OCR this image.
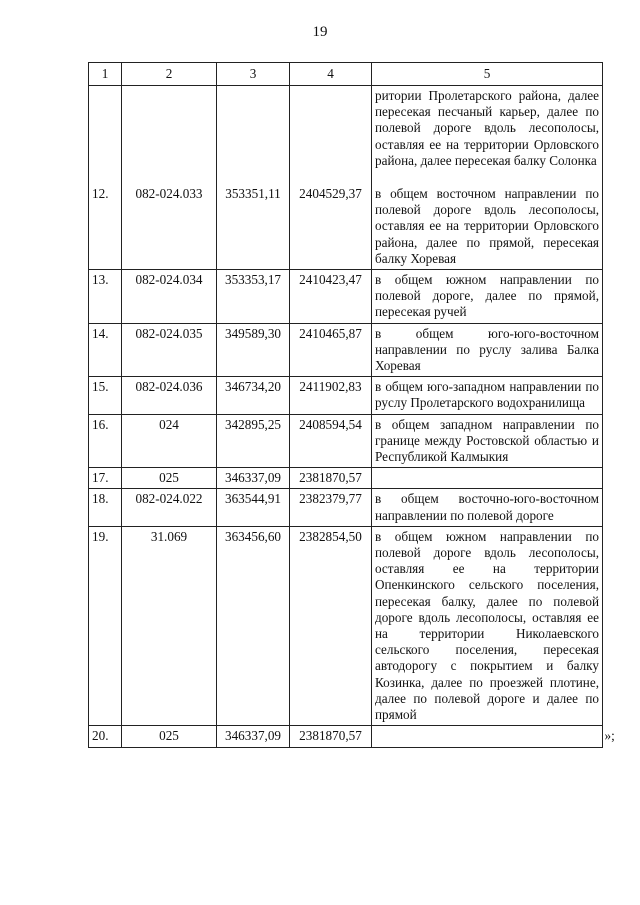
19
1	2	3	4	5

12.	082-024.033	353351,11	2404529,37	ритории Пролетарского района, далее пересекая песчаный карьер, далее по полевой дороге вдоль лесополосы, оставляя ее на территории Орловского района, далее пересекая балку Солонка
в общем восточном направлении по полевой дороге вдоль лесополосы, оставляя ее на территории Орловского района, далее по прямой, пересекая балку Хоревая

13.	082-024.034	353353,17	2410423,47	в общем южном направлении по полевой дороге, далее по прямой, пересекая ручей
14.	082-024.035	349589,30	2410465,87	в общем юго-юго-восточном направлении по руслу залива Балка Хоревая
15.	082-024.036	346734,20	2411902,83	в общем юго-западном направлении по руслу Пролетарского водохранилища
16.	024	342895,25	2408594,54	в общем западном направлении по границе между Ростовской областью и Республикой Калмыкия
17.	025	346337,09	2381870,57	
18.	082-024.022	363544,91	2382379,77	в общем восточно-юго-восточном направлении по полевой дороге
19.	31.069	363456,60	2382854,50	в общем южном направлении по полевой дороге вдоль лесополосы, оставляя ее на территории Опенкинского сельского поселения, пересекая балку, далее по полевой дороге вдоль лесополосы, оставляя ее на территории Николаевского сельского поселения, пересекая автодорогу с покрытием и балку Козинка, далее по проезжей плотине, далее по полевой дороге и далее по прямой
20.	025	346337,09	2381870,57		»;
